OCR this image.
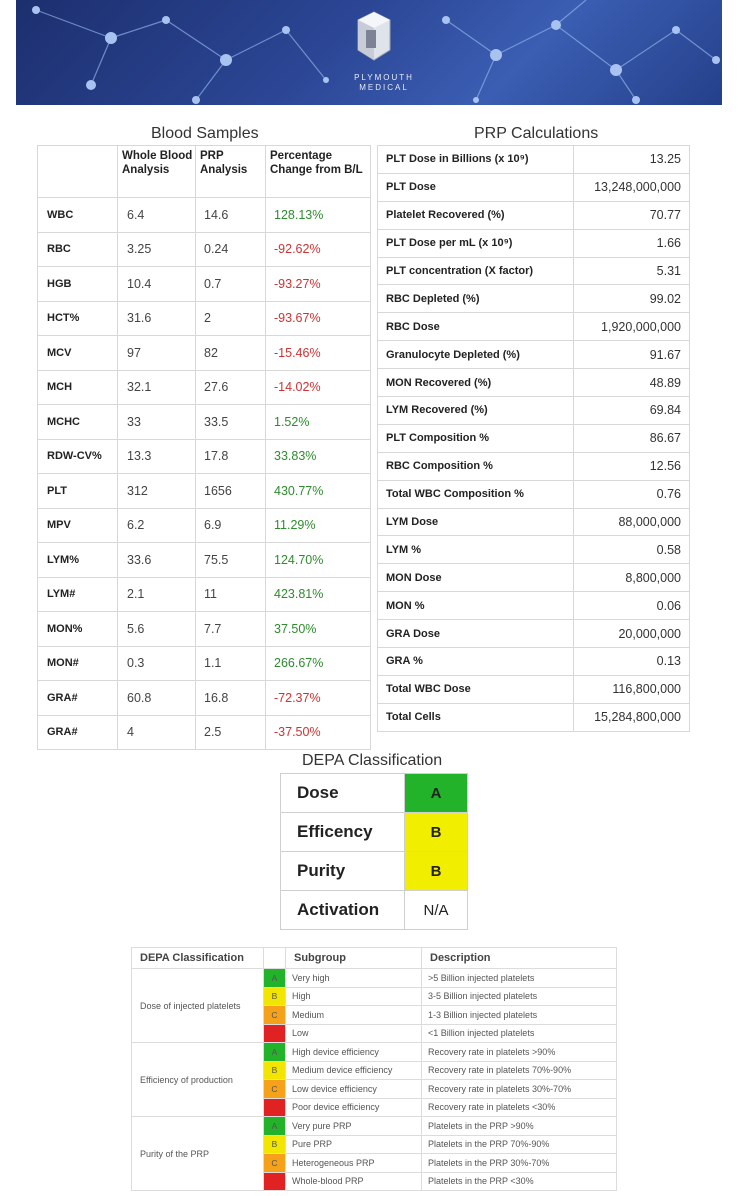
PLYMOUTH
MEDICAL
Blood Samples	PRP Calculations
	Whole Blood Analysis	PRP Analysis	Percentage Change from B/L
WBC	6.4	14.6	128.13%
RBC	3.25	0.24	-92.62%
HGB	10.4	0.7	-93.27%
HCT%	31.6	2	-93.67%
MCV	97	82	-15.46%
MCH	32.1	27.6	-14.02%
MCHC	33	33.5	1.52%
RDW-CV%	13.3	17.8	33.83%
PLT	312	1656	430.77%
MPV	6.2	6.9	11.29%
LYM%	33.6	75.5	124.70%
LYM#	2.1	11	423.81%
MON%	5.6	7.7	37.50%
MON#	0.3	1.1	266.67%
GRA#	60.8	16.8	-72.37%
GRA#	4	2.5	-37.50%
PLT Dose in Billions (x 10⁹)	13.25
PLT Dose	13,248,000,000
Platelet Recovered (%)	70.77
PLT Dose per mL (x 10⁹)	1.66
PLT concentration (X factor)	5.31
RBC Depleted (%)	99.02
RBC Dose	1,920,000,000
Granulocyte Depleted (%)	91.67
MON Recovered (%)	48.89
LYM Recovered (%)	69.84
PLT Composition %	86.67
RBC Composition %	12.56
Total WBC Composition %	0.76
LYM Dose	88,000,000
LYM %	0.58
MON Dose	8,800,000
MON %	0.06
GRA Dose	20,000,000
GRA %	0.13
Total WBC Dose	116,800,000
Total Cells	15,284,800,000
DEPA Classification
Dose	A
Efficency	B
Purity	B
Activation	N/A
DEPA Classification		Subgroup	Description
Dose of injected platelets	A	Very high	>5 Billion injected platelets
	B	High	3-5 Billion injected platelets
	C	Medium	1-3 Billion injected platelets
	D	Low	<1 Billion injected platelets
Efficiency of production	A	High device efficiency	Recovery rate in platelets >90%
	B	Medium device efficiency	Recovery rate in platelets 70%-90%
	C	Low device efficiency	Recovery rate in platelets 30%-70%
	D	Poor device efficiency	Recovery rate in platelets <30%
Purity of the PRP	A	Very pure PRP	Platelets in the PRP >90%
	B	Pure PRP	Platelets in the PRP 70%-90%
	C	Heterogeneous PRP	Platelets in the PRP 30%-70%
	D	Whole-blood PRP	Platelets in the PRP <30%
